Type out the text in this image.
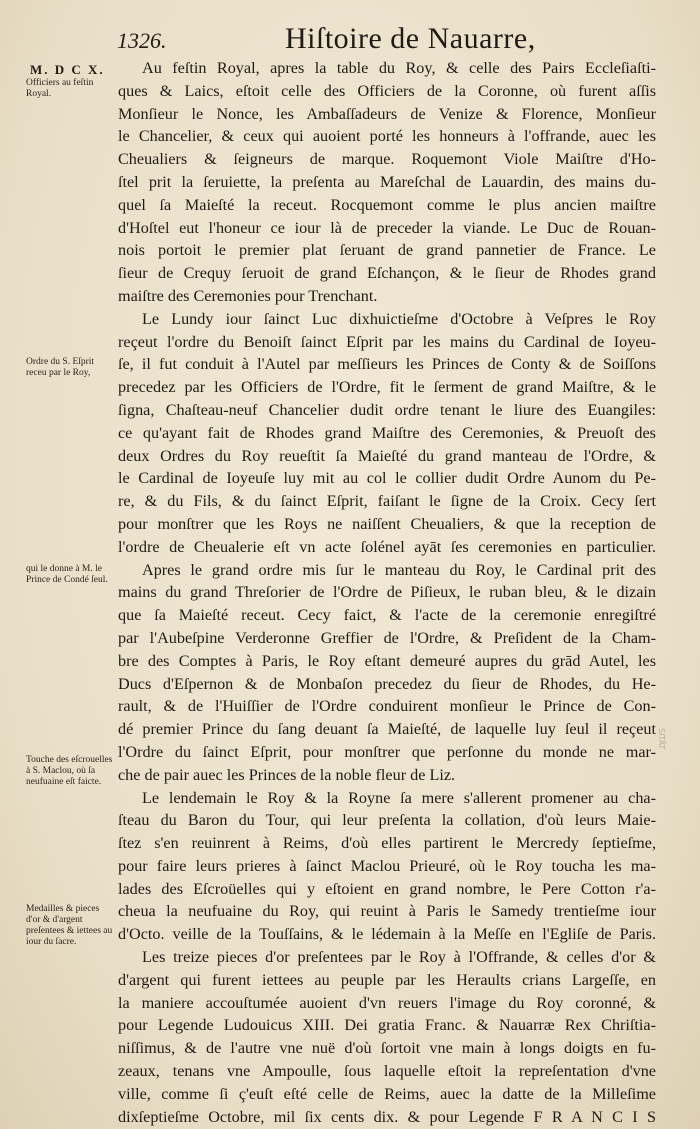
1326.	Hiſtoire de Nauarre,
M. D C X.
Officiers au feſtin Royal.
Ordre du S. Eſprit receu par le Roy,
qui le donne à M. le Prince de Condé ſeul.
Touche des eſcrouelles à S. Maclou, où ſa neufuaine eſt faicte.
Medailles & pieces d'or & d'argent preſentees & iettees au iour du ſacre.
Au feſtin Royal, apres la table du Roy, & celle des Pairs Eccleſiaſti-
ques & Laics, eſtoit celle des Officiers de la Coronne, où furent aſſis
Monſieur le Nonce, les Ambaſſadeurs de Venize & Florence, Monſieur
le Chancelier, & ceux qui auoient porté les honneurs à l'offrande, auec les
Cheualiers & ſeigneurs de marque. Roquemont Viole Maiſtre d'Ho-
ſtel prit la ſeruiette, la preſenta au Mareſchal de Lauardin, des mains du-
quel ſa Maieſté la receut. Rocquemont comme le plus ancien maiſtre
d'Hoſtel eut l'honeur ce iour là de preceder la viande. Le Duc de Rouan-
nois portoit le premier plat ſeruant de grand pannetier de France. Le
ſieur de Crequy ſeruoit de grand Eſchançon, & le ſieur de Rhodes grand
maiſtre des Ceremonies pour Trenchant.
Le Lundy iour ſainct Luc dixhuictieſme d'Octobre à Veſpres le Roy
reçeut l'ordre du Benoiſt ſainct Eſprit par les mains du Cardinal de Ioyeu-
ſe, il fut conduit à l'Autel par meſſieurs les Princes de Conty & de Soiſſons
precedez par les Officiers de l'Ordre, fit le ſerment de grand Maiſtre, & le
ſigna, Chaſteau-neuf Chancelier dudit ordre tenant le liure des Euangiles:
ce qu'ayant fait de Rhodes grand Maiſtre des Ceremonies, & Preuoſt des
deux Ordres du Roy reueſtit ſa Maieſté du grand manteau de l'Ordre, &
le Cardinal de Ioyeuſe luy mit au col le collier dudit Ordre Aunom du Pe-
re, & du Fils, & du ſainct Eſprit, faiſant le ſigne de la Croix. Cecy ſert
pour monſtrer que les Roys ne naiſſent Cheualiers, & que la reception de
l'ordre de Cheualerie eſt vn acte ſolénel ayāt ſes ceremonies en particulier.
Apres le grand ordre mis ſur le manteau du Roy, le Cardinal prit des
mains du grand Threſorier de l'Ordre de Piſieux, le ruban bleu, & le dizain
que ſa Maieſté receut. Cecy faict, & l'acte de la ceremonie enregiſtré
par l'Aubeſpine Verderonne Greffier de l'Ordre, & Preſident de la Cham-
bre des Comptes à Paris, le Roy eſtant demeuré aupres du grād Autel, les
Ducs d'Eſpernon & de Monbaſon precedez du ſieur de Rhodes, du He-
rault, & de l'Huiſſier de l'Ordre conduirent monſieur le Prince de Con-
dé premier Prince du ſang deuant ſa Maieſté, de laquelle luy ſeul il reçeut
l'Ordre du ſainct Eſprit, pour monſtrer que perſonne du monde ne mar-
che de pair auec les Princes de la noble fleur de Liz.
Le lendemain le Roy & la Royne ſa mere s'allerent promener au cha-
ſteau du Baron du Tour, qui leur preſenta la collation, d'où leurs Maie-
ſtez s'en reuinrent à Reims, d'où elles partirent le Mercredy ſeptieſme,
pour faire leurs prieres à ſainct Maclou Prieuré, où le Roy toucha les ma-
lades des Eſcroüelles qui y eſtoient en grand nombre, le Pere Cotton r'a-
cheua la neufuaine du Roy, qui reuint à Paris le Samedy trentieſme iour
d'Octo. veille de la Touſſains, & le lédemain à la Meſſe en l'Egliſe de Paris.
Les treize pieces d'or preſentees par le Roy à l'Offrande, & celles d'or &
d'argent qui furent iettees au peuple par les Heraults crians Largeſſe, en
la maniere accouſtumée auoient d'vn reuers l'image du Roy coronné, &
pour Legende Ludouicus XIII. Dei gratia Franc. & Nauarræ Rex Chriſtia-
niſſimus, & de l'autre vne nuë d'où ſortoit vne main à longs doigts en fu-
zeaux, tenans vne Ampoulle, ſous laquelle eſtoit la repreſentation d'vne
ville, comme ſi ç'euſt eſté celle de Reims, auec la datte de la Milleſime
dixſeptieſme Octobre, mil ſix cents dix. & pour Legende F R A N C I S
SITÄT
